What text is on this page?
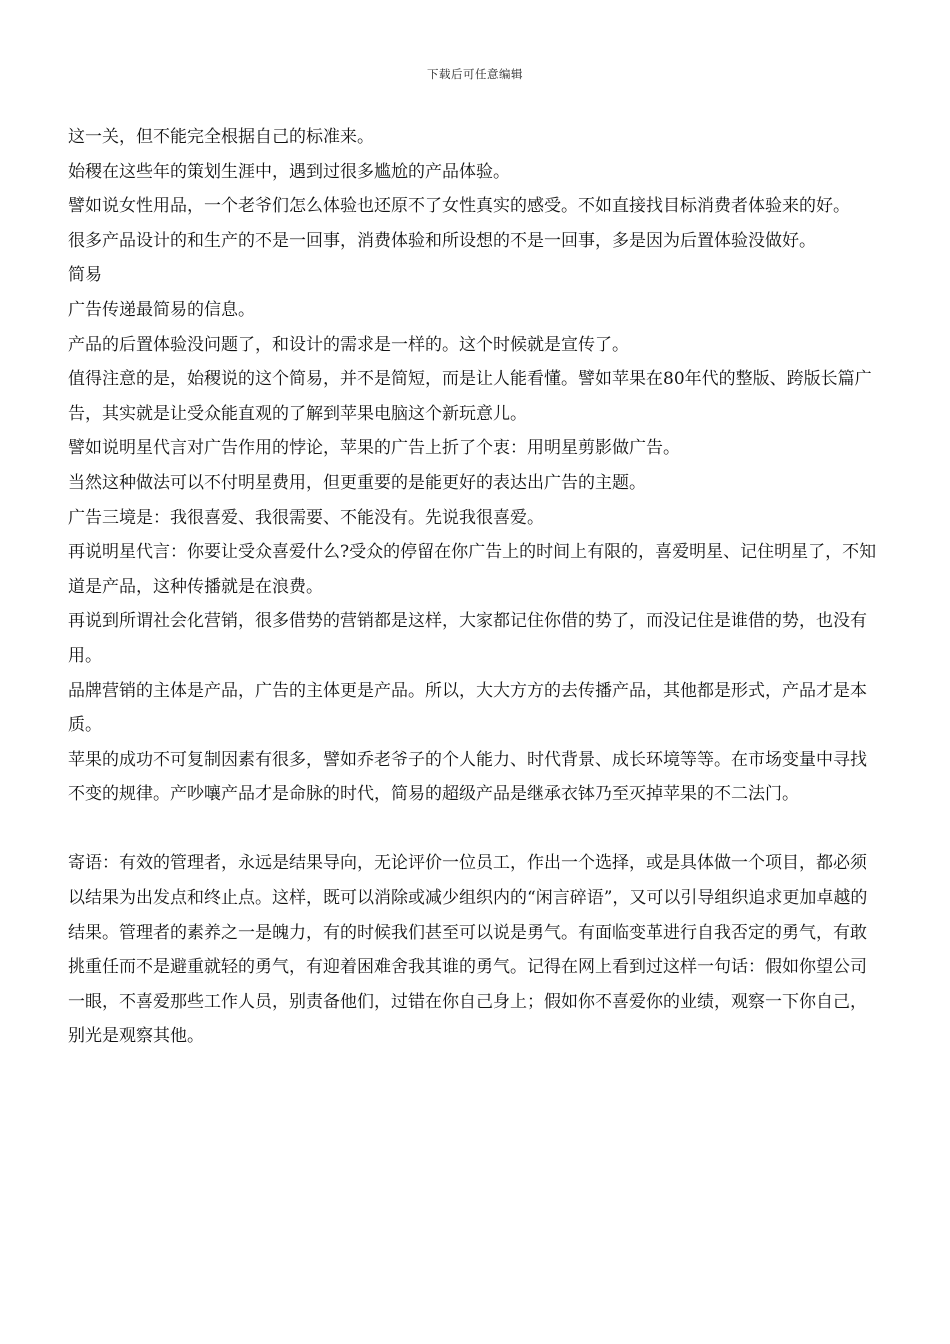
下载后可任意编辑

这一关，但不能完全根据自己的标准来。

始稷在这些年的策划生涯中，遇到过很多尴尬的产品体验。

譬如说女性用品，一个老爷们怎么体验也还原不了女性真实的感受。不如直接找目标消费者体验来的好。

很多产品设计的和生产的不是一回事，消费体验和所设想的不是一回事，多是因为后置体验没做好。

简易

广告传递最简易的信息。

产品的后置体验没问题了，和设计的需求是一样的。这个时候就是宣传了。

值得注意的是，始稷说的这个简易，并不是简短，而是让人能看懂。譬如苹果在80年代的整版、跨版长篇广告，其实就是让受众能直观的了解到苹果电脑这个新玩意儿。

譬如说明星代言对广告作用的悖论，苹果的广告上折了个衷：用明星剪影做广告。

当然这种做法可以不付明星费用，但更重要的是能更好的表达出广告的主题。

广告三境是：我很喜爱、我很需要、不能没有。先说我很喜爱。

再说明星代言：你要让受众喜爱什么?受众的停留在你广告上的时间上有限的，喜爱明星、记住明星了，不知道是产品，这种传播就是在浪费。

再说到所谓社会化营销，很多借势的营销都是这样，大家都记住你借的势了，而没记住是谁借的势，也没有用。

品牌营销的主体是产品，广告的主体更是产品。所以，大大方方的去传播产品，其他都是形式，产品才是本质。

苹果的成功不可复制因素有很多，譬如乔老爷子的个人能力、时代背景、成长环境等等。在市场变量中寻找不变的规律。产吵嚷产品才是命脉的时代，简易的超级产品是继承衣钵乃至灭掉苹果的不二法门。

寄语：有效的管理者，永远是结果导向，无论评价一位员工，作出一个选择，或是具体做一个项目，都必须以结果为出发点和终止点。这样，既可以消除或减少组织内的“闲言碎语”，又可以引导组织追求更加卓越的结果。管理者的素养之一是魄力，有的时候我们甚至可以说是勇气。有面临变革进行自我否定的勇气，有敢挑重任而不是避重就轻的勇气，有迎着困难舍我其谁的勇气。记得在网上看到过这样一句话：假如你望公司一眼，不喜爱那些工作人员，别责备他们，过错在你自己身上；假如你不喜爱你的业绩，观察一下你自己，别光是观察其他。
